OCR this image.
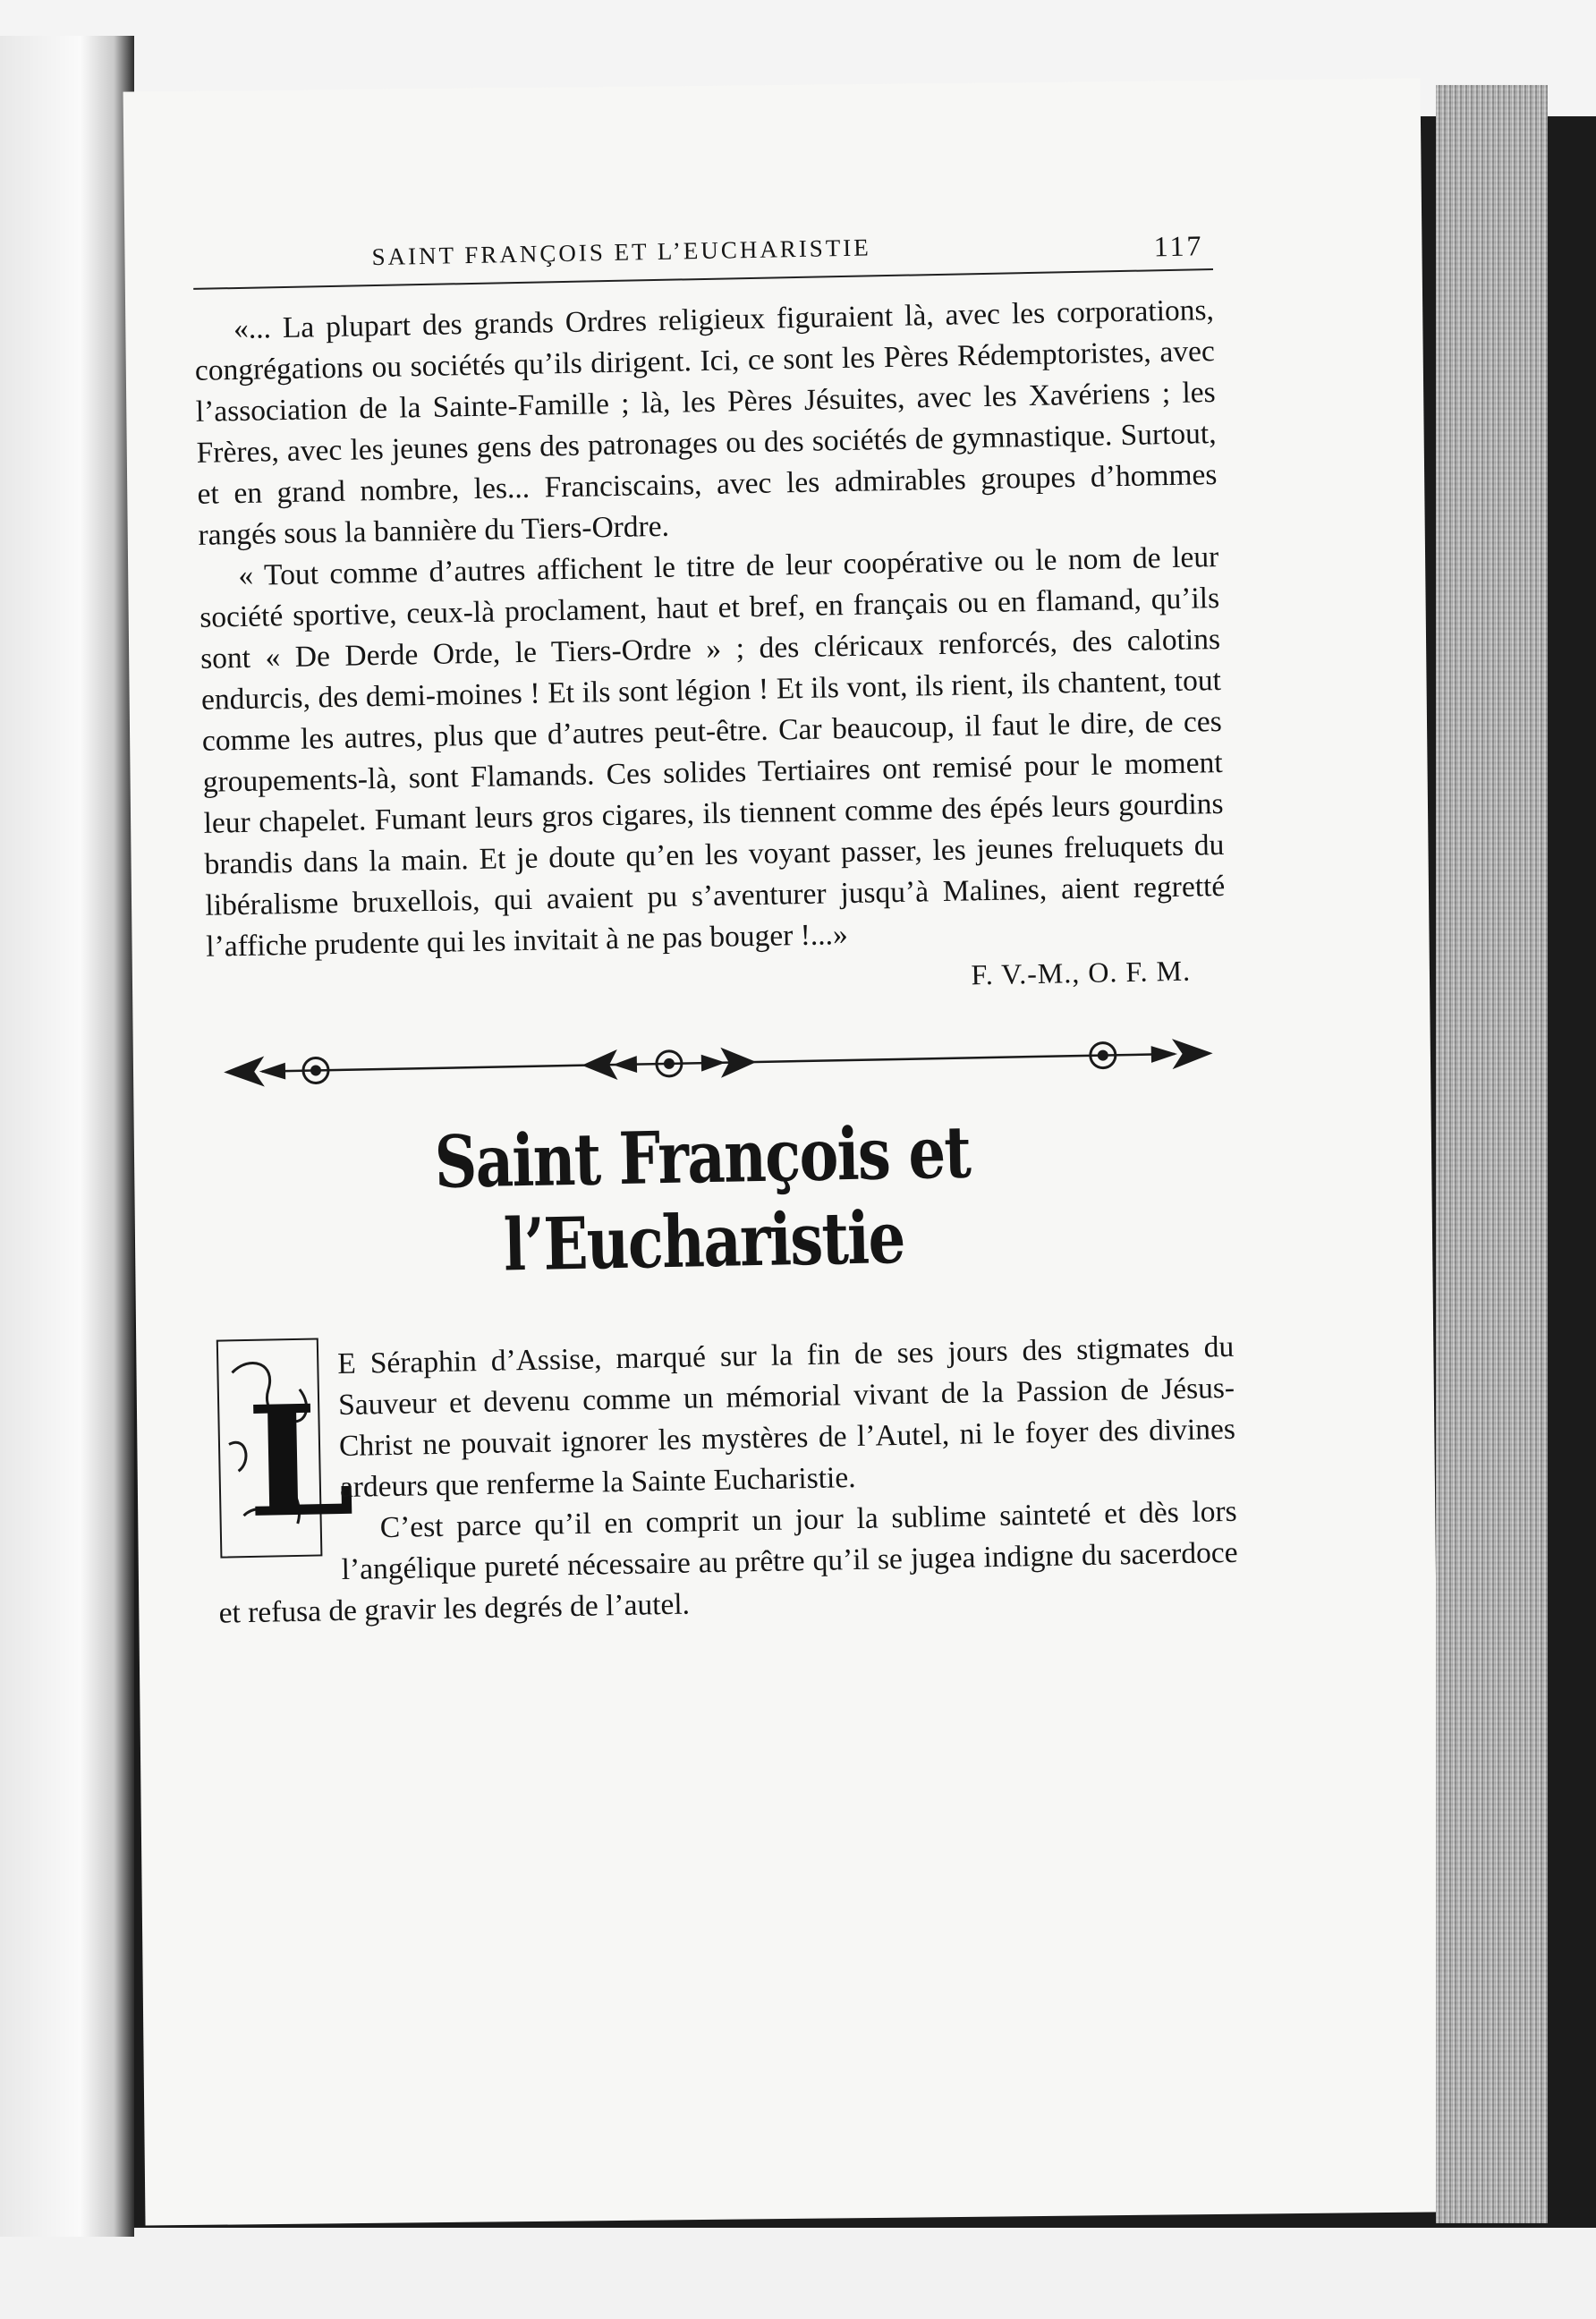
SAINT FRANÇOIS ET L’EUCHARISTIE	117

«... La plupart des grands Ordres religieux figuraient là, avec les corporations, congrégations ou sociétés qu’ils dirigent. Ici, ce sont les Pères Rédemptoristes, avec l’association de la Sainte-Famille ; là, les Pères Jésuites, avec les Xavériens ; les Frères, avec les jeunes gens des patronages ou des sociétés de gymnastique. Surtout, et en grand nombre, les... Franciscains, avec les admirables groupes d’hommes rangés sous la bannière du Tiers-Ordre.

« Tout comme d’autres affichent le titre de leur coopérative ou le nom de leur société sportive, ceux-là proclament, haut et bref, en français ou en flamand, qu’ils sont « De Derde Orde, le Tiers-Ordre » ; des cléricaux renforcés, des calotins endurcis, des demi-moines ! Et ils sont légion ! Et ils vont, ils rient, ils chantent, tout comme les autres, plus que d’autres peut-être. Car beaucoup, il faut le dire, de ces groupements-là, sont Flamands. Ces solides Tertiaires ont remisé pour le moment leur chapelet. Fumant leurs gros cigares, ils tiennent comme des épés leurs gourdins brandis dans la main. Et je doute qu’en les voyant passer, les jeunes freluquets du libéralisme bruxellois, qui avaient pu s’aventurer jusqu’à Malines, aient regretté l’affiche prudente qui les invitait à ne pas bouger !...»

F. V.-M., O. F. M.
Saint François et l’Eucharistie
L

E Séraphin d’Assise, marqué sur la fin de ses jours des stigmates du Sauveur et devenu comme un mémorial vivant de la Passion de Jésus-Christ ne pouvait ignorer les mystères de l’Autel, ni le foyer des divines ardeurs que renferme la Sainte Eucharistie.

C’est parce qu’il en comprit un jour la sublime sainteté et dès lors l’angélique pureté nécessaire au prêtre qu’il se jugea indigne du sacerdoce et refusa de gravir les degrés de l’autel.
